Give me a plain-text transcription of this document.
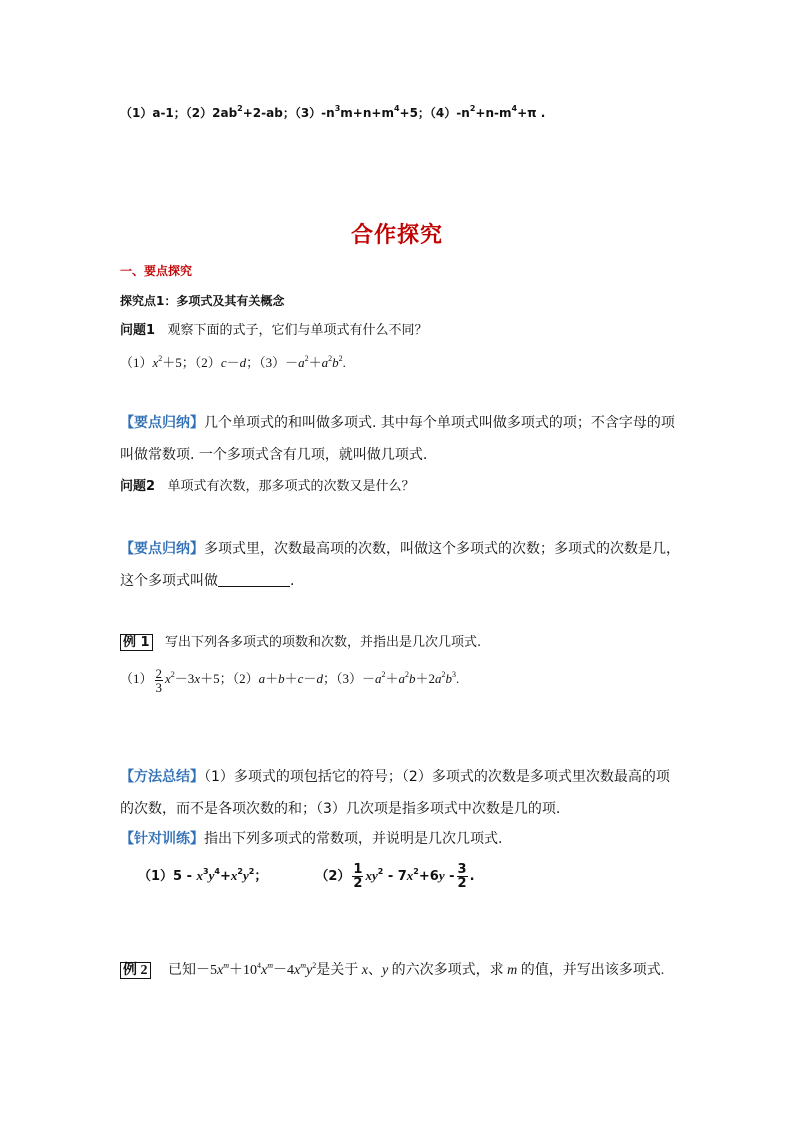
（1）a-1；$(2)2ab^2+2-ab$；$(3)-n^3m+n+m^4+5$；$(4)-n^2+n-m^4+\pi$ .
合作探究
一、要点探究
探究点1：多项式及其有关概念
问题1 观察下面的式子，它们与单项式有什么不同？
$(1)x^2+5$；（2）c－d；$(3)-a^2+a^2b^2$.
【要点归纳】几个单项式的和叫做多项式. 其中每个单项式叫做多项式的项；不含字母的项
叫做常数项. 一个多项式含有几项，就叫做几项式.
问题2 单项式有次数，那多项式的次数又是什么？
【要点归纳】多项式里，次数最高项的次数，叫做这个多项式的次数；多项式的次数是几，
这个多项式叫做	.
例 1 写出下列各多项式的项数和次数，并指出是几次几项式.
$(1) \frac{2}{3} x^2-3x+5$；（2）a＋b＋c－d；$(3)-a^2+a^2b+2a^2b^3$.
【方法总结】（1）多项式的项包括它的符号；（2）多项式的次数是多项式里次数最高的项
的次数，而不是各项次数的和；（3）几次项是指多项式中次数是几的项.
【针对训练】指出下列多项式的常数项，并说明是几次几项式.
$(1)5 - x^3y^4+x^2y^2$；	$(2) \frac{1}{2} xy^2 - 7x^2+6y - \frac{3}{2}$ .
例 2 已知$-5x^m+10^4x^m-4x^my^2$是关于 x、y 的六次多项式，求 m 的值，并写出该多项式.
